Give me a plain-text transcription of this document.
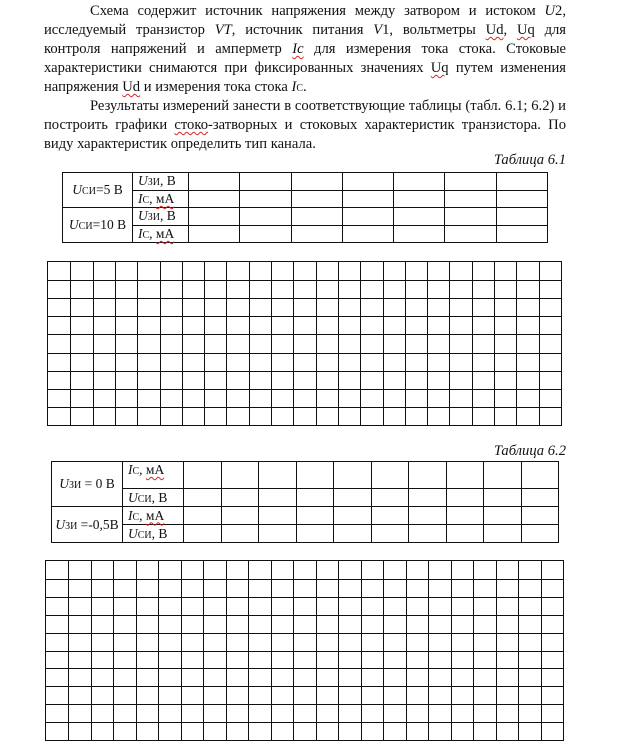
Схема содержит источник напряжения между затвором и истоком U2, исследуемый транзистор VT, источник питания V1, вольтметры Ud, Uq для контроля напряжений и амперметр Ic для измерения тока стока. Стоковые характеристики снимаются при фиксированных значениях Uq путем изменения напряжения Ud и измерения тока стока IC.

Результаты измерений занести в соответствующие таблицы (табл. 6.1; 6.2) и построить графики стоко-затворных и стоковых характеристик транзистора. По виду характеристик определить тип канала.

Таблица 6.1
UСИ=5 В	UЗИ, В							
	IС, мА							
UСИ=10 В	UЗИ, В							
	IС, мА							
Таблица 6.2
UЗИ = 0 В	IС, мА										
	UСИ, В										
UЗИ =-0,5В	IС, мА										
	UСИ, В										
